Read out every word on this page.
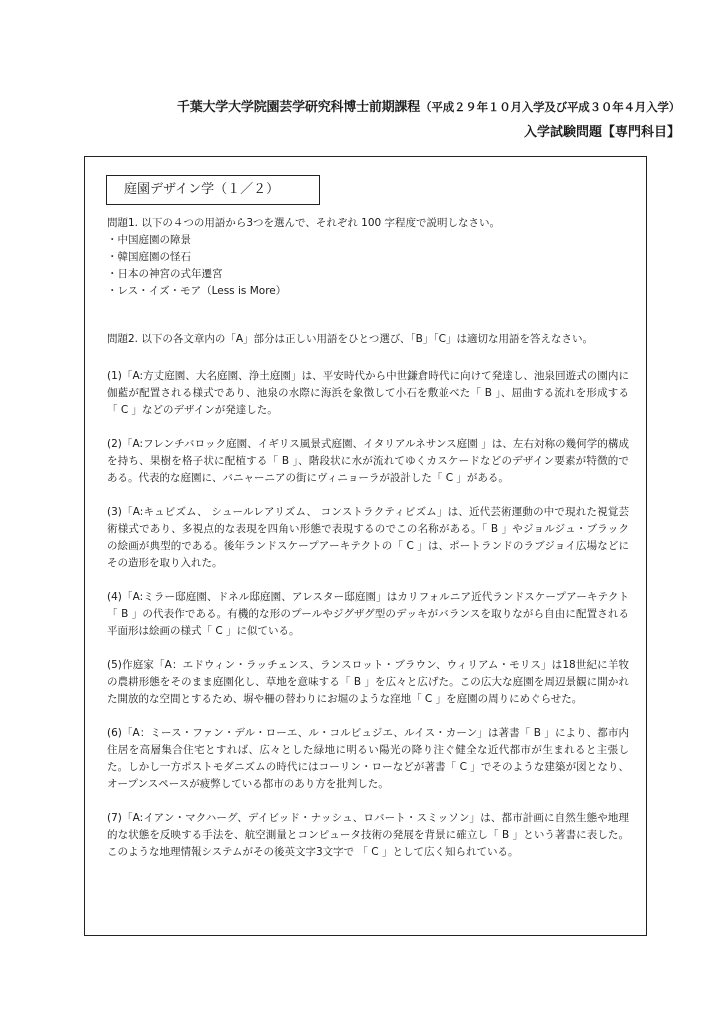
千葉大学大学院園芸学研究科博士前期課程（平成２９年１０月入学及び平成３０年４月入学）
入学試験問題【専門科目】
庭園デザイン学（１／２）

問題1. 以下の４つの用語から3つを選んで、それぞれ 100 字程度で説明しなさい。

・中国庭園の障景
・韓国庭園の怪石
・日本の神宮の式年遷宮
・レス・イズ・モア（Less is More）

問題2. 以下の各文章内の「A」部分は正しい用語をひとつ選び、「B」「C」は適切な用語を答えなさい。

(1)「A:方丈庭園、大名庭園、浄土庭園」は、平安時代から中世鎌倉時代に向けて発達し、池泉回遊式の園内に伽藍が配置される様式であり、池泉の水際に海浜を象徴して小石を敷並べた「 B 」、屈曲する流れを形成する「 C 」などのデザインが発達した。

(2)「A:フレンチバロック庭園、イギリス風景式庭園、イタリアルネサンス庭園 」は、左右対称の幾何学的構成を持ち、果樹を格子状に配植する「 B 」、階段状に水が流れてゆくカスケードなどのデザイン要素が特徴的である。代表的な庭園に、バニャーニアの街にヴィニョーラが設計した「 C 」がある。

(3)「A:キュビズム、 シュールレアリズム、 コンストラクティビズム」は、近代芸術運動の中で現れた視覚芸術様式であり、多視点的な表現を四角い形態で表現するのでこの名称がある。「 B 」やジョルジュ・ブラックの絵画が典型的である。後年ランドスケープアーキテクトの「 C 」は、ポートランドのラブジョイ広場などにその造形を取り入れた。

(4)「A:ミラー邸庭園、ドネル邸庭園、アレスター邸庭園」はカリフォルニア近代ランドスケープアーキテクト「 B 」の代表作である。有機的な形のプールやジグザグ型のデッキがバランスを取りながら自由に配置される平面形は絵画の様式「 C 」に似ている。

(5)作庭家「A：エドウィン・ラッチェンス、ランスロット・ブラウン、ウィリアム・モリス」は18世紀に羊牧の農耕形態をそのまま庭園化し、草地を意味する「 B 」を広々と広げた。この広大な庭園を周辺景観に開かれた開放的な空間とするため、塀や柵の替わりにお堀のような窪地「 C 」を庭園の周りにめぐらせた。

(6)「A：ミース・ファン・デル・ローエ、ル・コルビュジエ、ルイス・カーン」は著書「 B 」により、都市内住居を高層集合住宅とすれば、広々とした緑地に明るい陽光の降り注ぐ健全な近代都市が生まれると主張した。しかし一方ポストモダニズムの時代にはコーリン・ローなどが著書「 C 」でそのような建築が図となり、オープンスペースが疲弊している都市のあり方を批判した。

(7)「A:イアン・マクハーグ、デイビッド・ナッシュ、ロバート・スミッソン」は、都市計画に自然生態や地理的な状態を反映する手法を、航空測量とコンピュータ技術の発展を背景に確立し「 B 」という著書に表した。このような地理情報システムがその後英文字3文字で 「 C 」として広く知られている。
